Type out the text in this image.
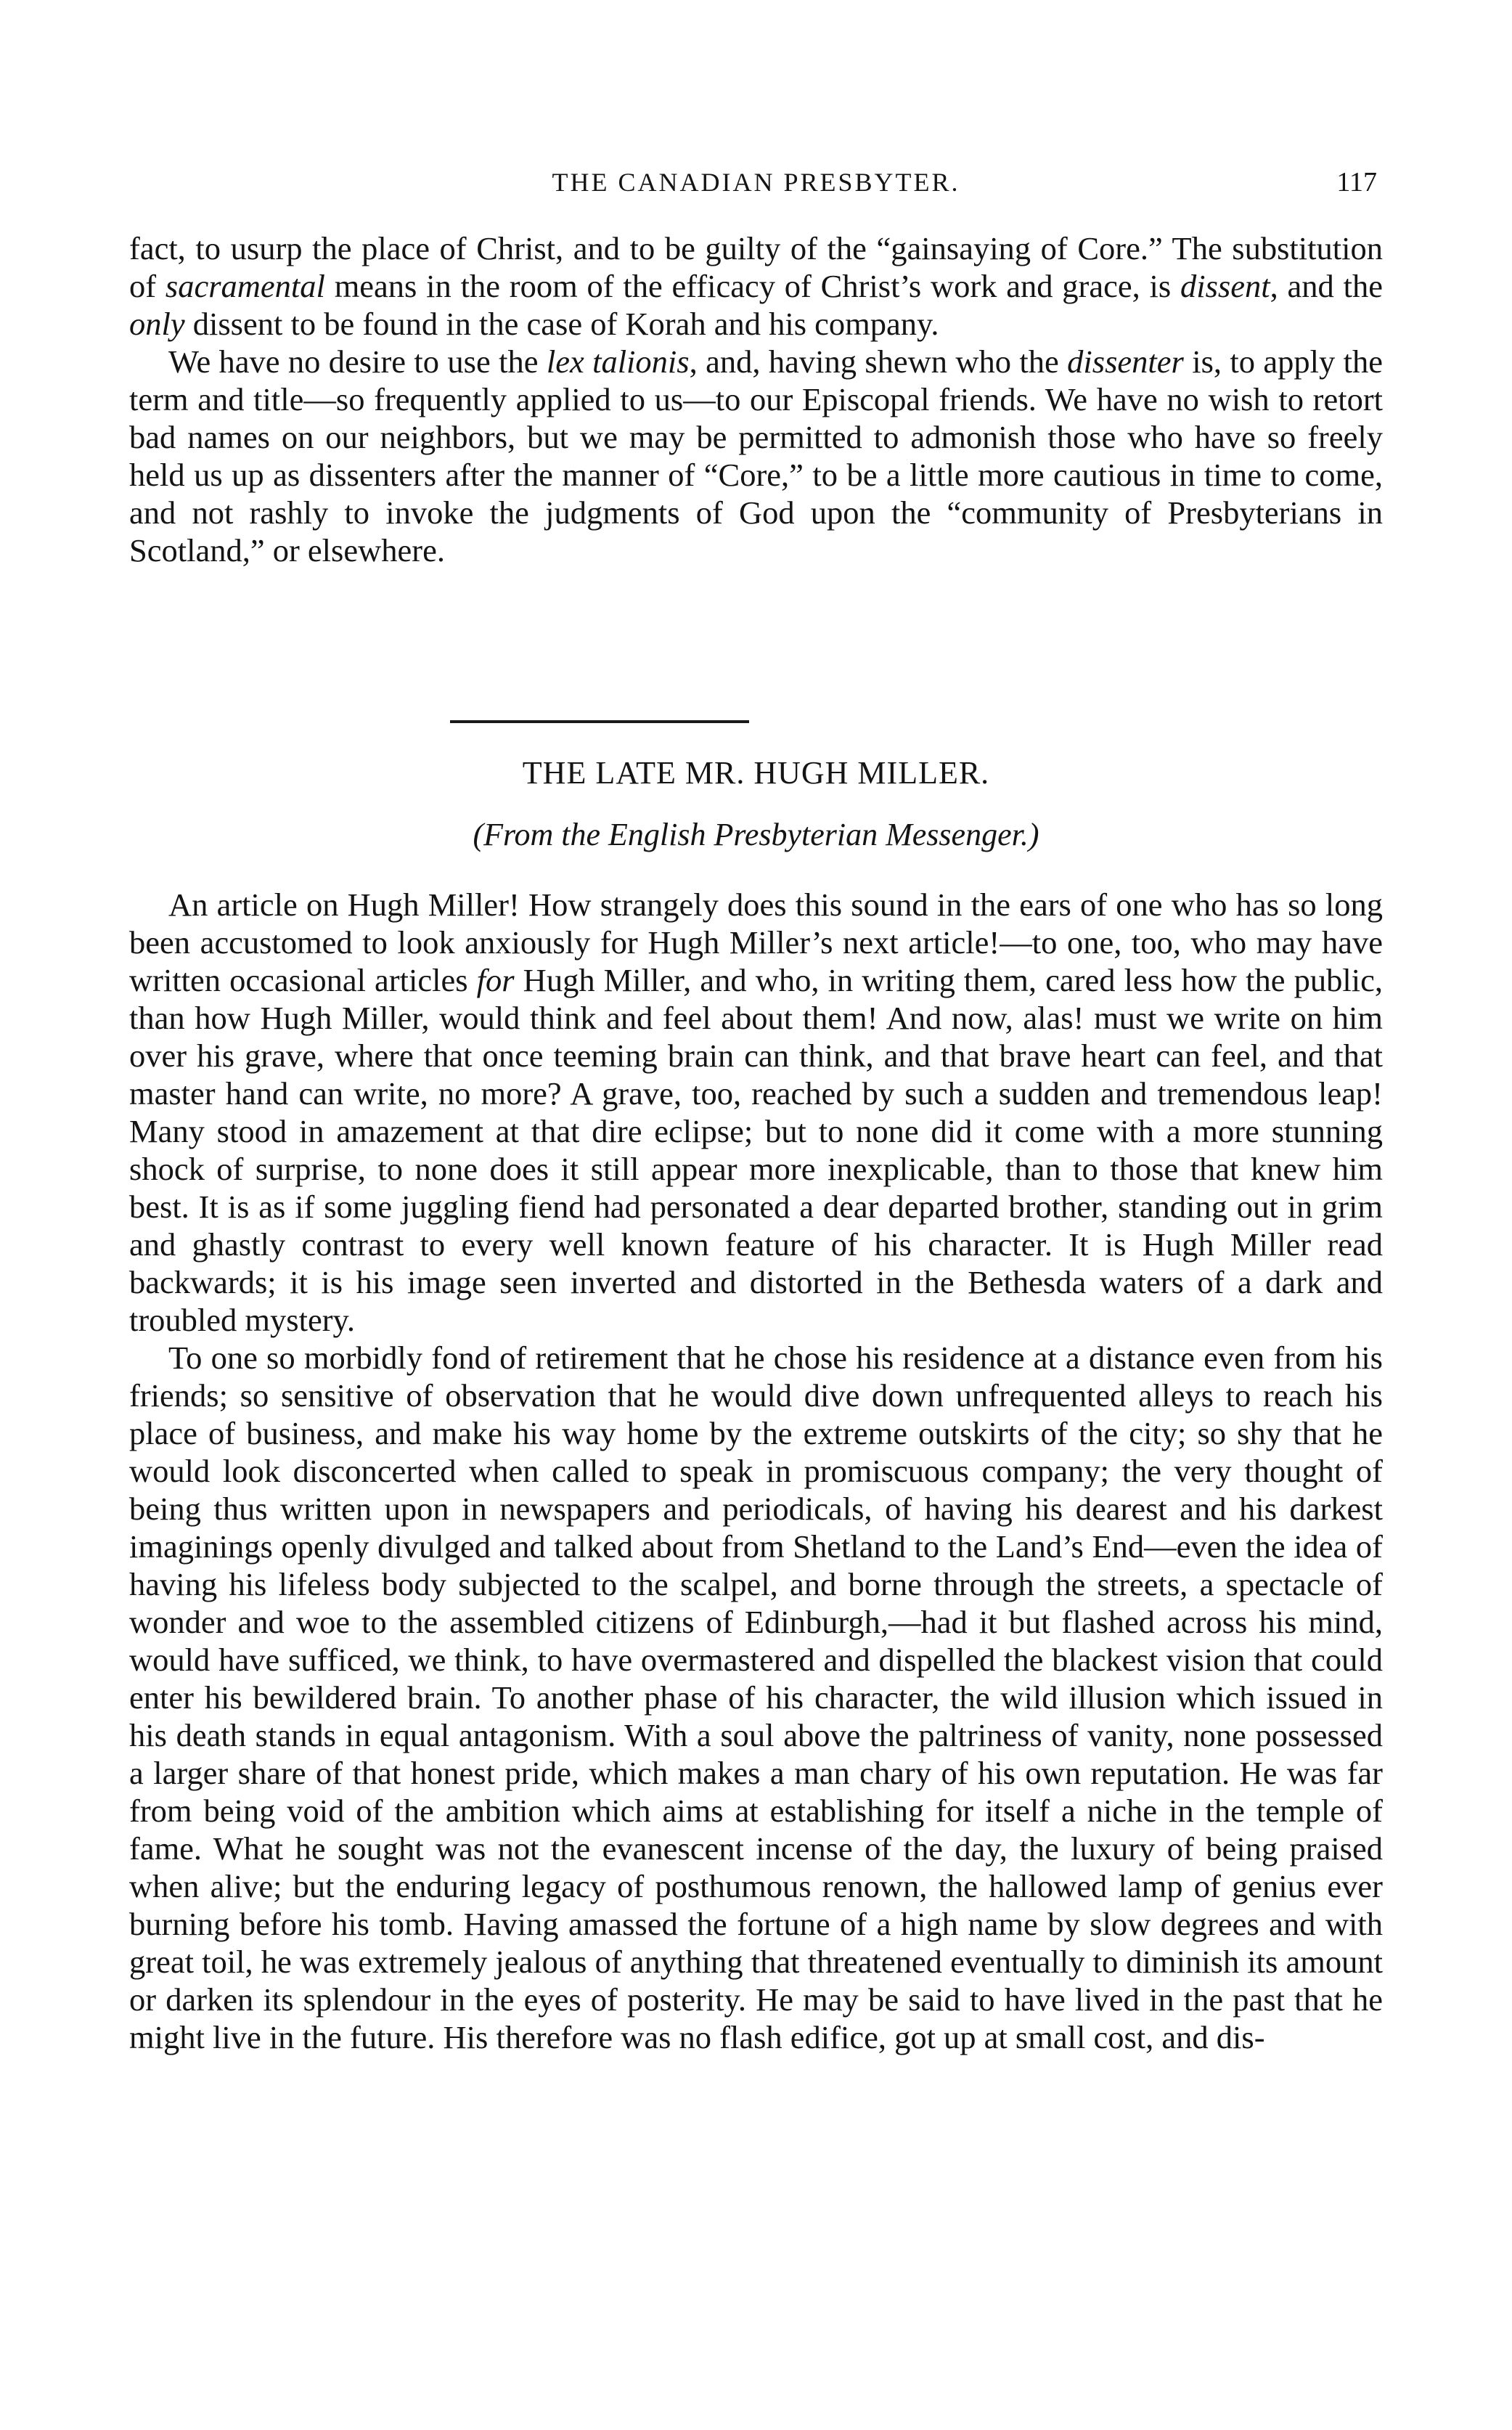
THE CANADIAN PRESBYTER.	117

fact, to usurp the place of Christ, and to be guilty of the “gainsaying of Core.” The substitution of sacramental means in the room of the efficacy of Christ’s work and grace, is dissent, and the only dissent to be found in the case of Korah and his company.

We have no desire to use the lex talionis, and, having shewn who the dissenter is, to apply the term and title—so frequently applied to us—to our Episcopal friends. We have no wish to retort bad names on our neighbors, but we may be permitted to admonish those who have so freely held us up as dissenters after the manner of “Core,” to be a little more cautious in time to come, and not rashly to invoke the judgments of God upon the “community of Presbyterians in Scotland,” or elsewhere.

THE LATE MR. HUGH MILLER.
(From the English Presbyterian Messenger.)

An article on Hugh Miller! How strangely does this sound in the ears of one who has so long been accustomed to look anxiously for Hugh Miller’s next article!—to one, too, who may have written occasional articles for Hugh Miller, and who, in writing them, cared less how the public, than how Hugh Miller, would think and feel about them! And now, alas! must we write on him over his grave, where that once teeming brain can think, and that brave heart can feel, and that master hand can write, no more? A grave, too, reached by such a sudden and tremendous leap! Many stood in amazement at that dire eclipse; but to none did it come with a more stunning shock of surprise, to none does it still appear more inexplicable, than to those that knew him best. It is as if some juggling fiend had personated a dear departed brother, standing out in grim and ghastly contrast to every well known feature of his character. It is Hugh Miller read backwards; it is his image seen inverted and distorted in the Bethesda waters of a dark and troubled mystery.

To one so morbidly fond of retirement that he chose his residence at a distance even from his friends; so sensitive of observation that he would dive down unfrequented alleys to reach his place of business, and make his way home by the extreme outskirts of the city; so shy that he would look disconcerted when called to speak in promiscuous company; the very thought of being thus written upon in newspapers and periodicals, of having his dearest and his darkest imaginings openly divulged and talked about from Shetland to the Land’s End—even the idea of having his lifeless body subjected to the scalpel, and borne through the streets, a spectacle of wonder and woe to the assembled citizens of Edinburgh,—had it but flashed across his mind, would have sufficed, we think, to have overmastered and dispelled the blackest vision that could enter his bewildered brain. To another phase of his character, the wild illusion which issued in his death stands in equal antagonism. With a soul above the paltriness of vanity, none possessed a larger share of that honest pride, which makes a man chary of his own reputation. He was far from being void of the ambition which aims at establishing for itself a niche in the temple of fame. What he sought was not the evanescent incense of the day, the luxury of being praised when alive; but the enduring legacy of posthumous renown, the hallowed lamp of genius ever burning before his tomb. Having amassed the fortune of a high name by slow degrees and with great toil, he was extremely jealous of anything that threatened eventually to diminish its amount or darken its splendour in the eyes of posterity. He may be said to have lived in the past that he might live in the future. His therefore was no flash edifice, got up at small cost, and dis-
